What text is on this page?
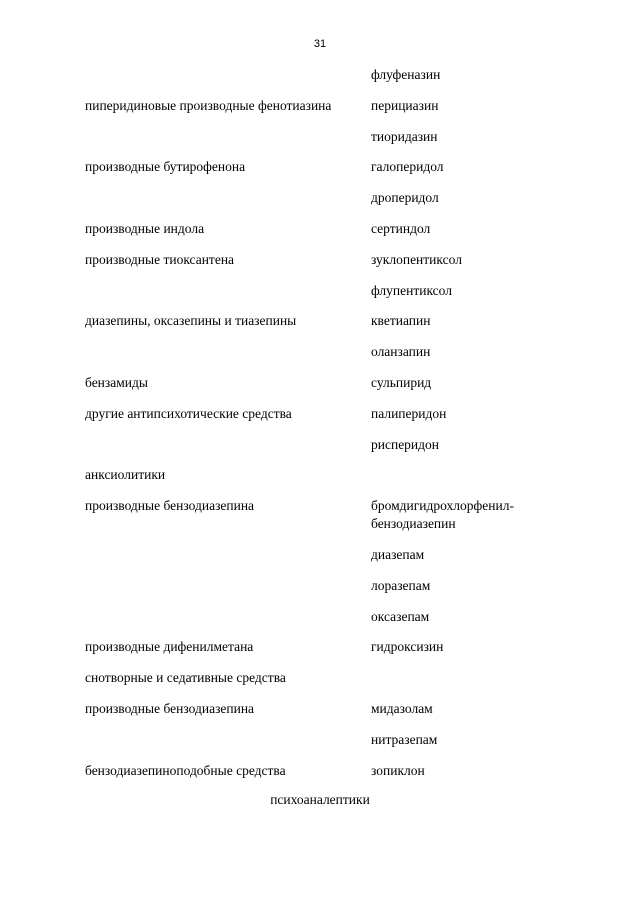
31
флуфеназин
пиперидиновые производные фенотиазина	перициазин
тиоридазин
производные бутирофенона	галоперидол
дроперидол
производные индола	сертиндол
производные тиоксантена	зуклопентиксол
флупентиксол
диазепины, оксазепины и тиазепины	кветиапин
оланзапин
бензамиды	сульпирид
другие антипсихотические средства	палиперидон
рисперидон
анксиолитики
производные бензодиазепина	бромдигидрохлорфенил-
бензодиазепин
диазепам
лоразепам
оксазепам
производные дифенилметана	гидроксизин
снотворные и седативные средства
производные бензодиазепина	мидазолам
нитразепам
бензодиазепиноподобные средства	зопиклон
психоаналептики
